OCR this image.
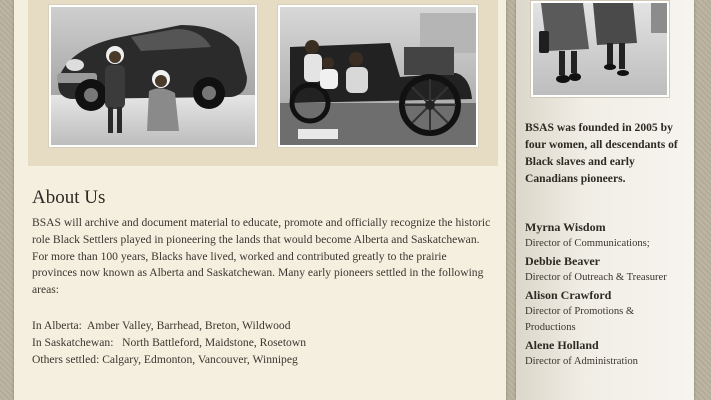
About Us

BSAS will archive and document material to educate, promote and officially recognize the historic role Black Settlers played in pioneering the lands that would become Alberta and Saskatchewan. For more than 100 years, Blacks have lived, worked and contributed greatly to the prairie provinces now known as Alberta and Saskatchewan. Many early pioneers settled in the following areas:

In Alberta:  Amber Valley, Barrhead, Breton, Wildwood
In Saskatchewan:   North Battleford, Maidstone, Rosetown
Others settled: Calgary, Edmonton, Vancouver, Winnipeg
BSAS was founded in 2005 by four women, all descendants of Black slaves and early Canadians pioneers.
Myrna Wisdom
Director of Communications;
Debbie Beaver
Director of Outreach & Treasurer
Alison Crawford
Director of Promotions & Productions
Alene Holland
Director of Administration
